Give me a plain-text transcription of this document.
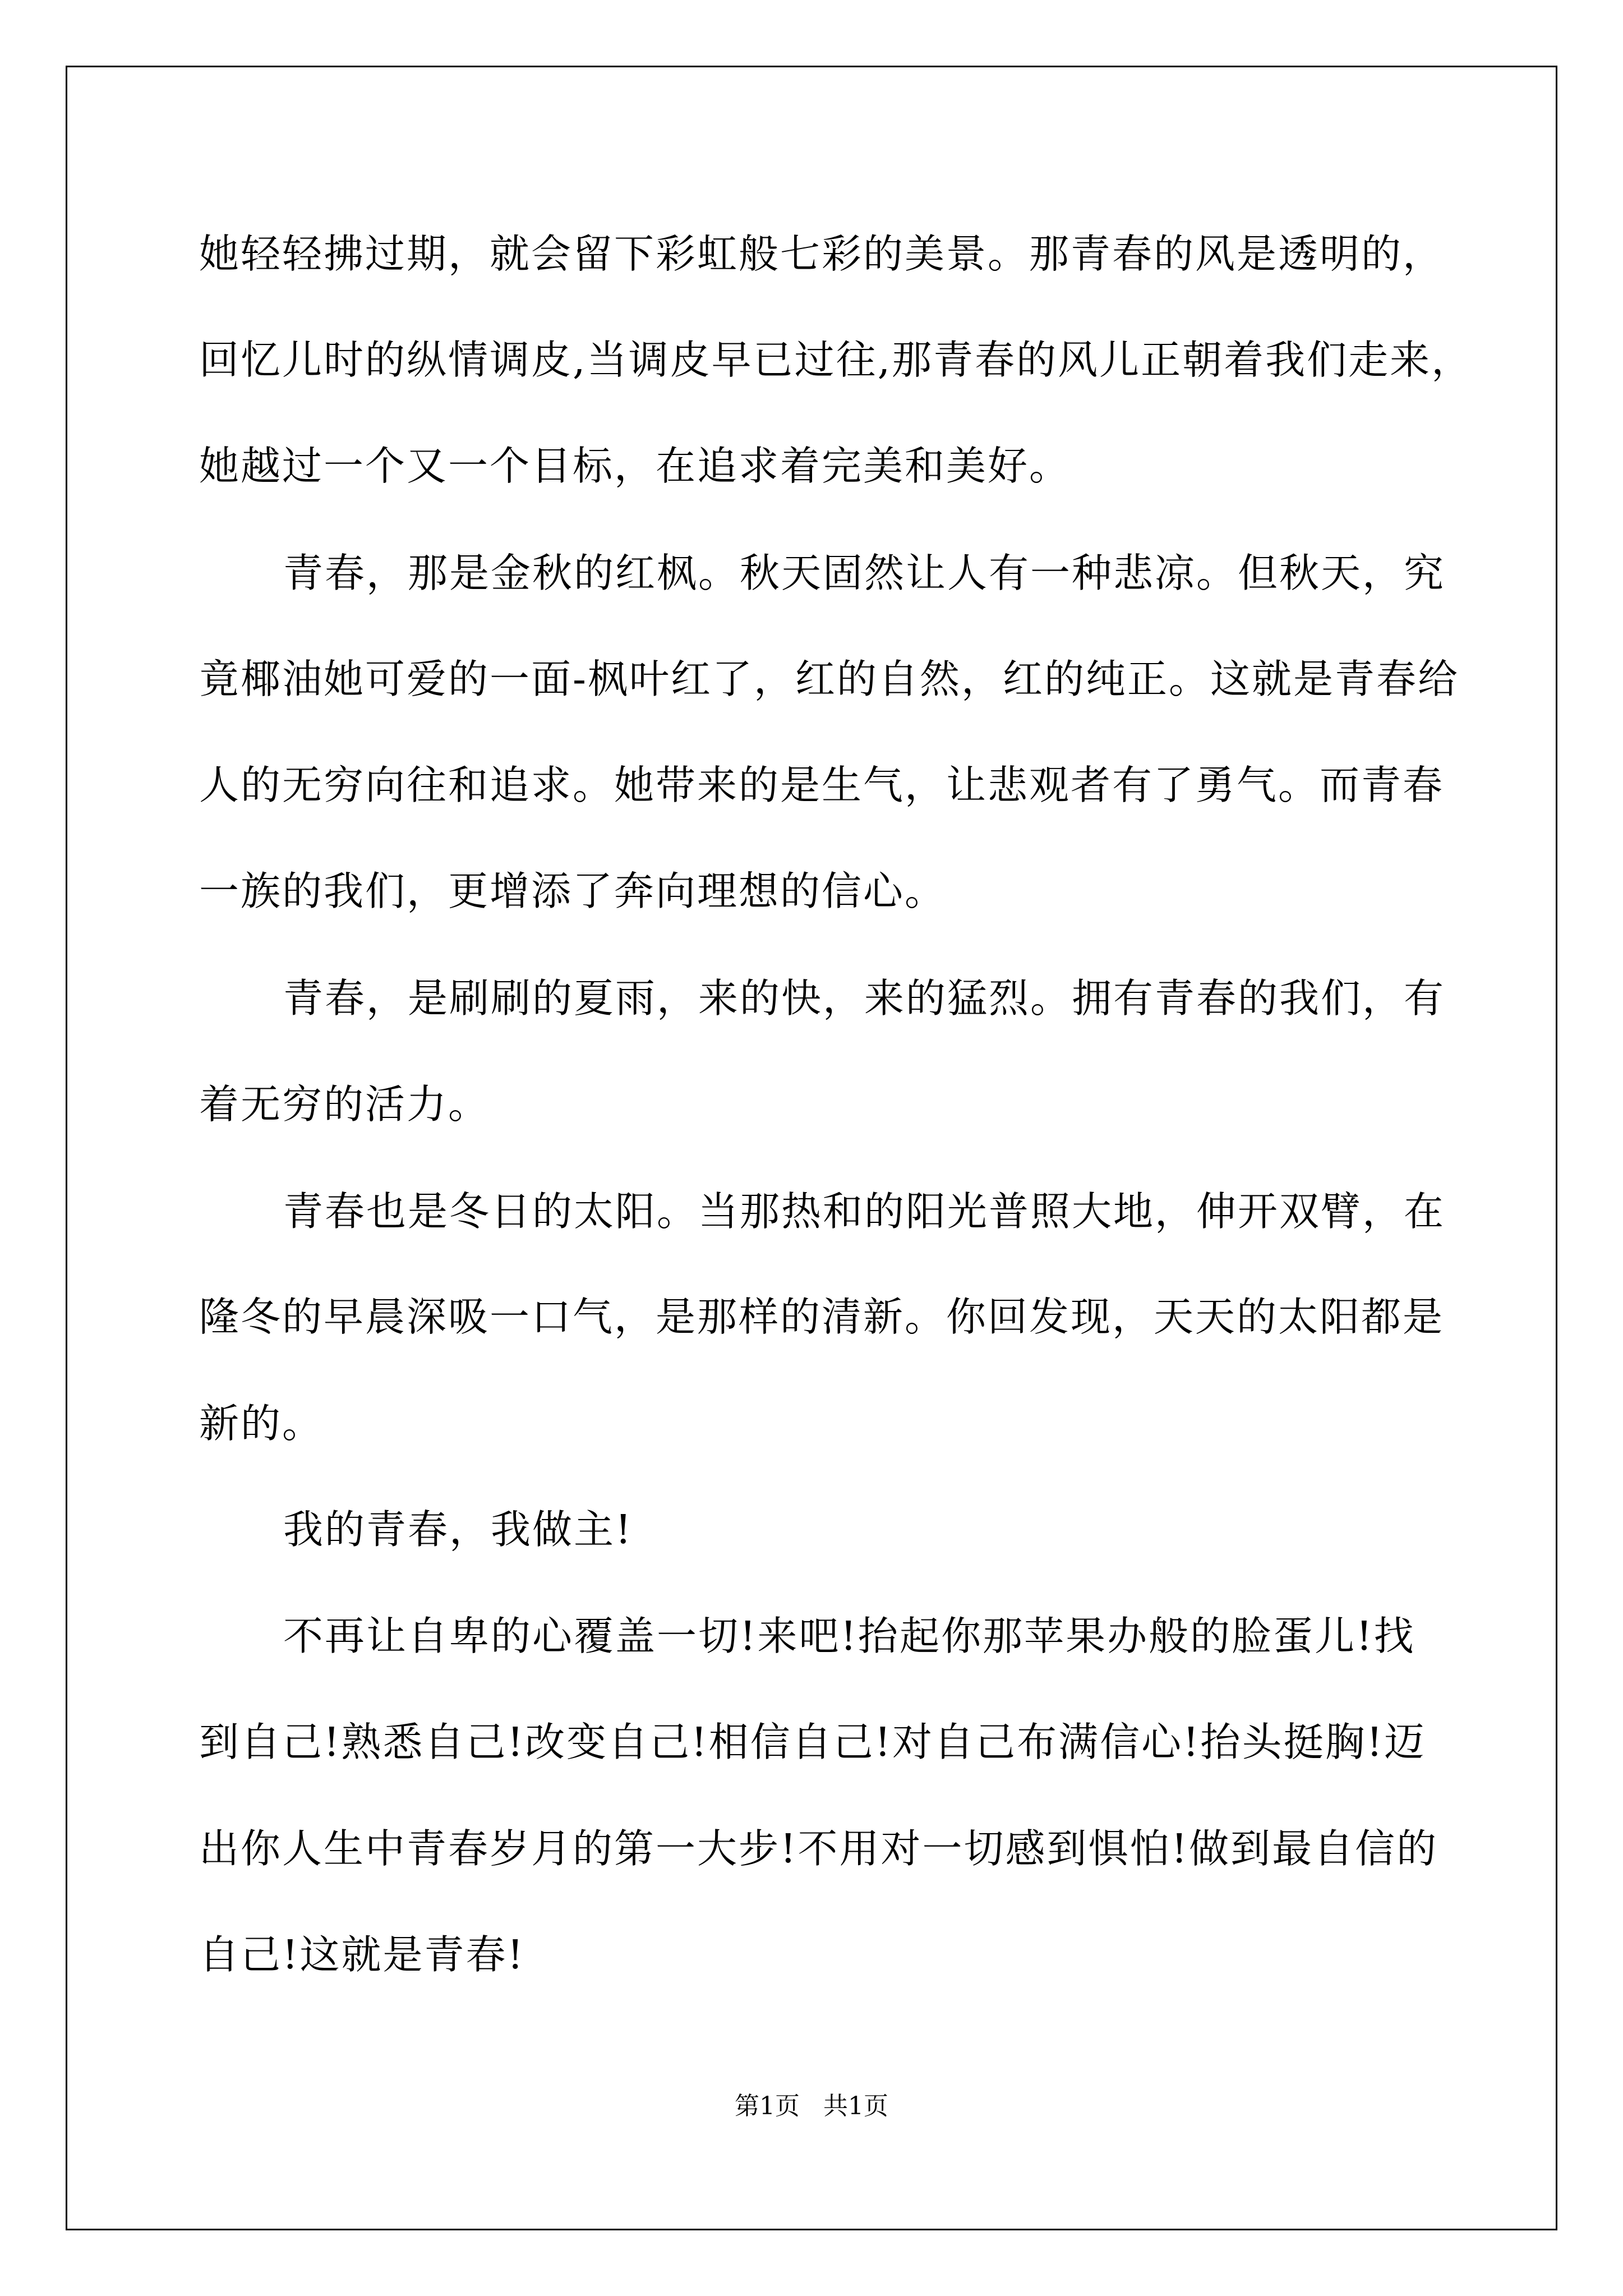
她轻轻拂过期，就会留下彩虹般七彩的美景。那青春的风是透明的，
回忆儿时的纵情调皮,当调皮早已过往,那青春的风儿正朝着我们走来，
她越过一个又一个目标，在追求着完美和美好。
青春，那是金秋的红枫。秋天固然让人有一种悲凉。但秋天，究
竟椰油她可爱的一面-枫叶红了，红的自然，红的纯正。这就是青春给
人的无穷向往和追求。她带来的是生气，让悲观者有了勇气。而青春
一族的我们，更增添了奔向理想的信心。
青春，是刷刷的夏雨，来的快，来的猛烈。拥有青春的我们，有
着无穷的活力。
青春也是冬日的太阳。当那热和的阳光普照大地，伸开双臂，在
隆冬的早晨深吸一口气，是那样的清新。你回发现，天天的太阳都是
新的。
我的青春，我做主!
不再让自卑的心覆盖一切!来吧!抬起你那苹果办般的脸蛋儿!找
到自己!熟悉自己!改变自己!相信自己!对自己布满信心!抬头挺胸!迈
出你人生中青春岁月的第一大步!不用对一切感到惧怕!做到最自信的
自己!这就是青春!
第1页   共1页
